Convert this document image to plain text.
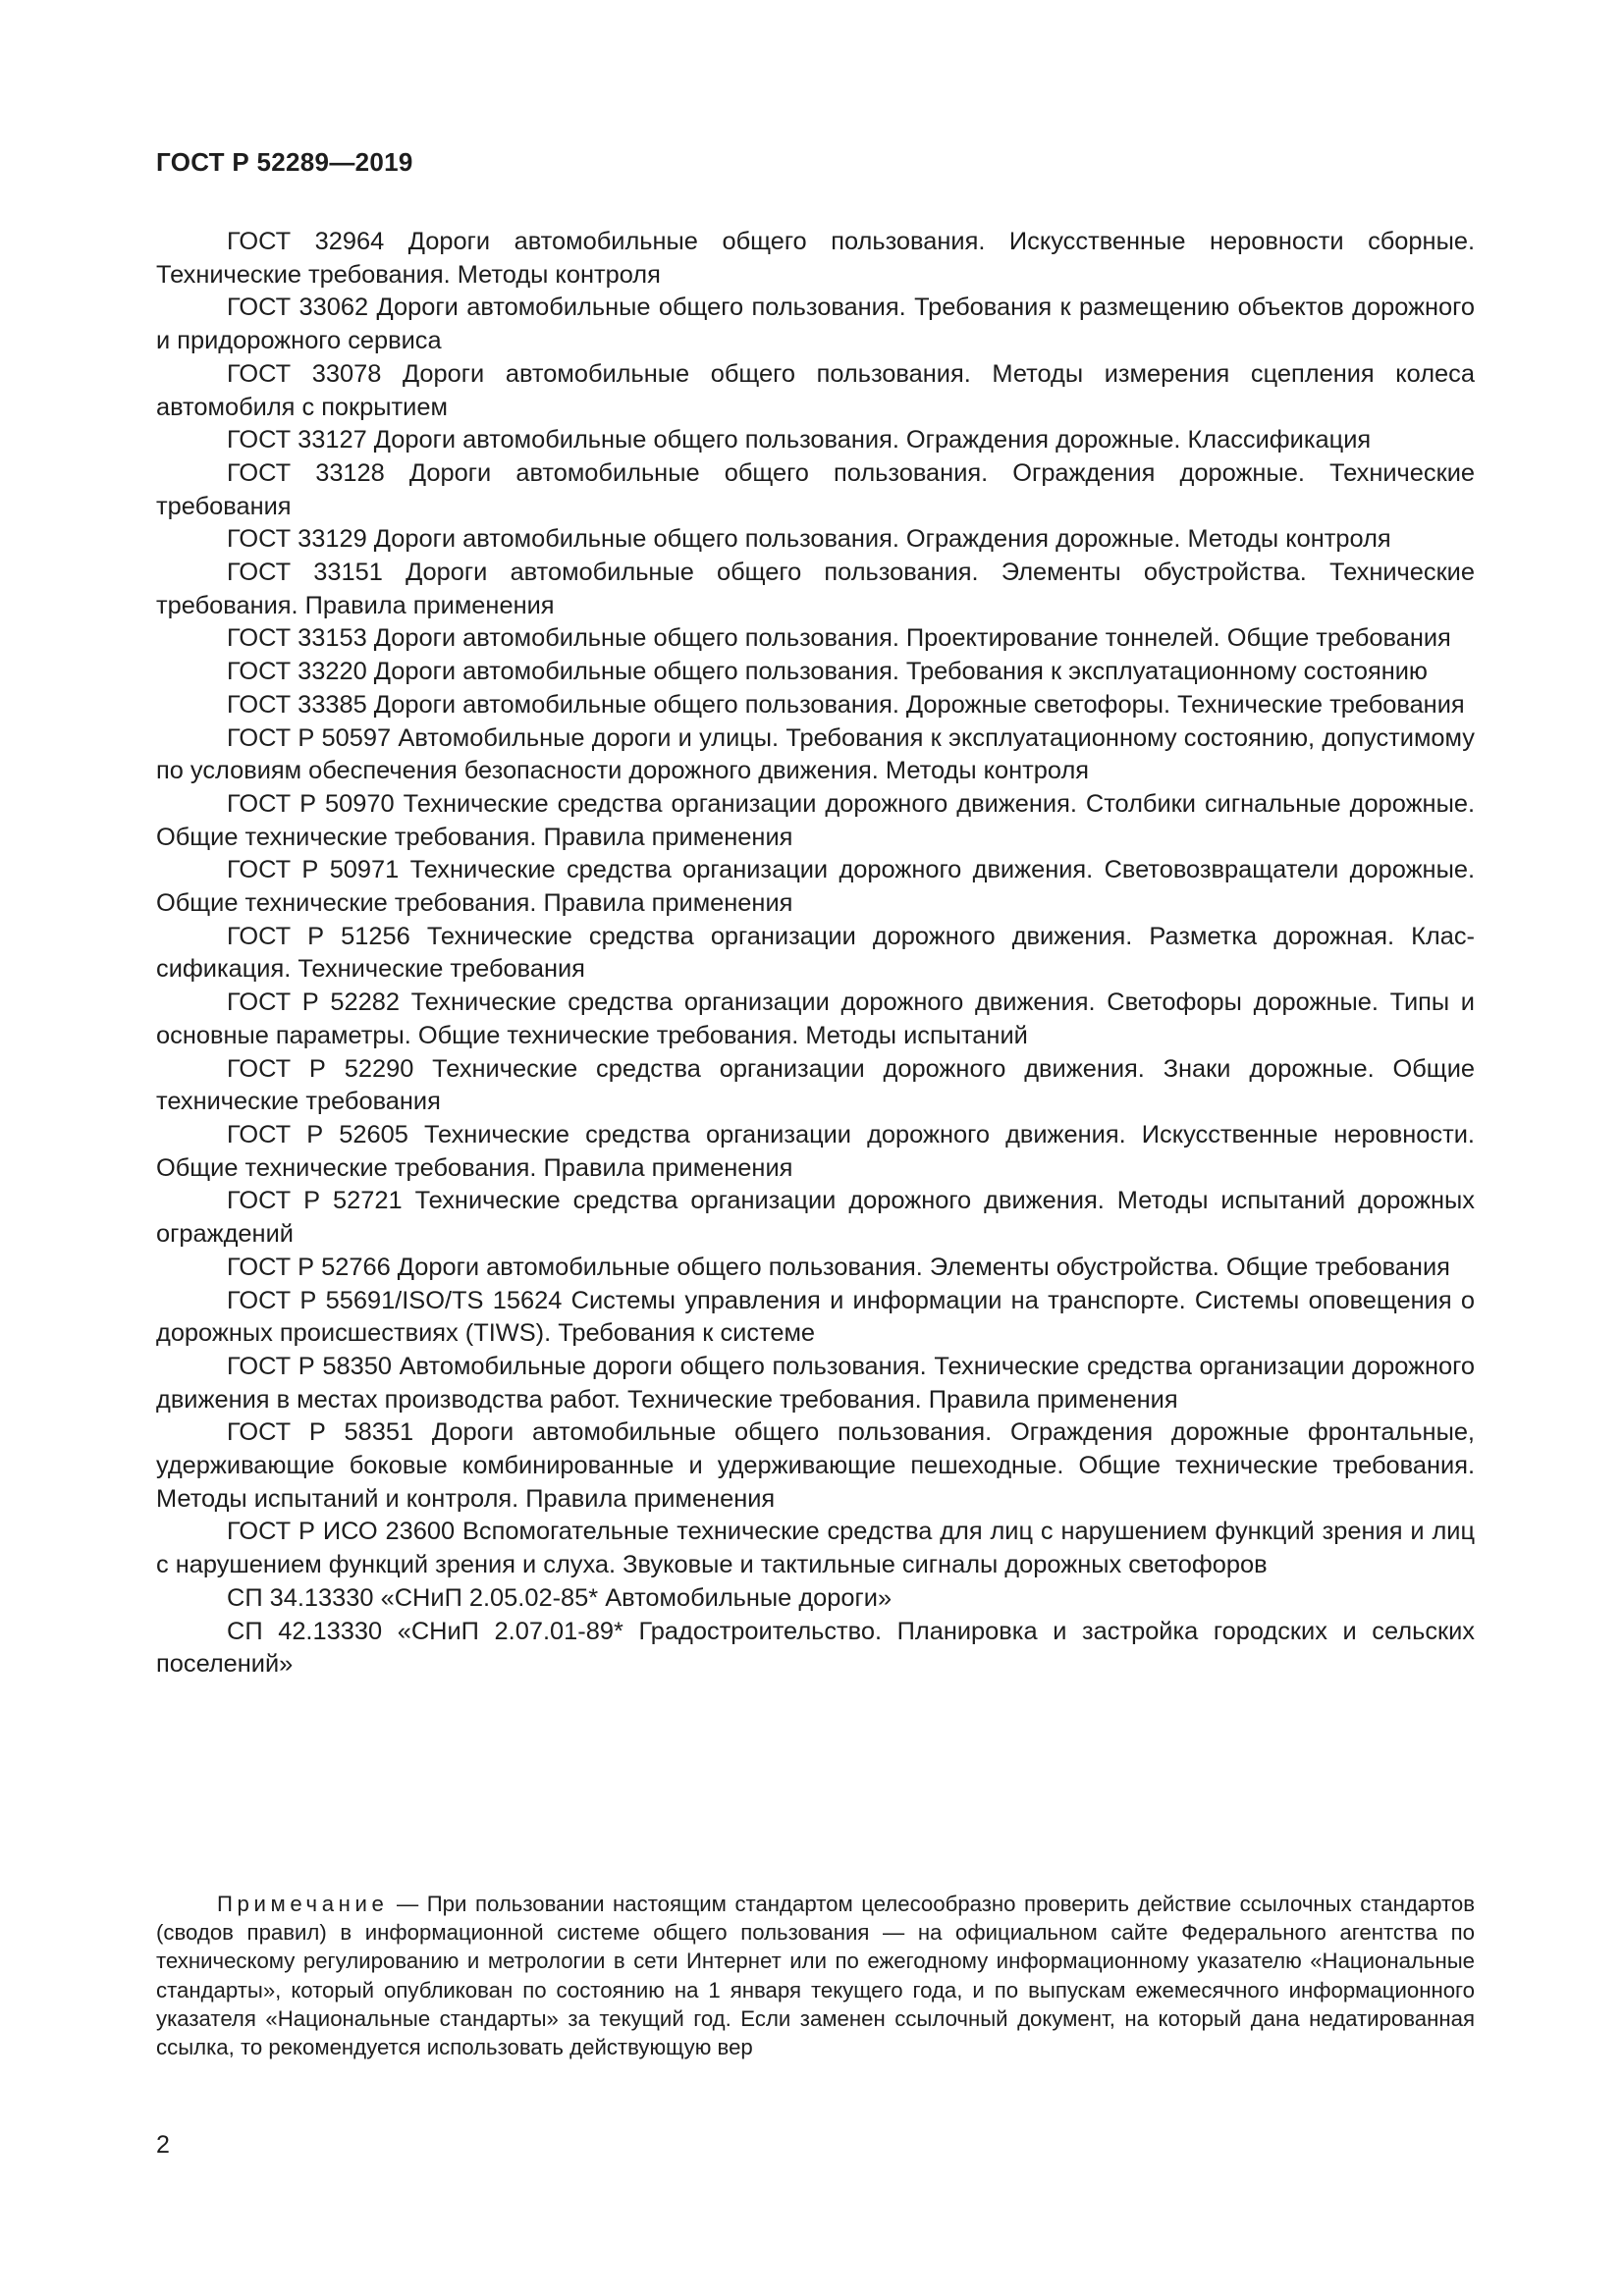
ГОСТ Р 52289—2019

ГОСТ 32964 Дороги автомобильные общего пользования. Искусственные неровности сборные. Технические требования. Методы контроля

ГОСТ 33062 Дороги автомобильные общего пользования. Требования к размещению объектов дорожного и придорожного сервиса

ГОСТ 33078 Дороги автомобильные общего пользования. Методы измерения сцепления колеса автомобиля с покрытием

ГОСТ 33127 Дороги автомобильные общего пользования. Ограждения дорожные. Классификация

ГОСТ 33128 Дороги автомобильные общего пользования. Ограждения дорожные. Технические требования

ГОСТ 33129 Дороги автомобильные общего пользования. Ограждения дорожные. Методы контроля

ГОСТ 33151 Дороги автомобильные общего пользования. Элементы обустройства. Технические требования. Правила применения

ГОСТ 33153 Дороги автомобильные общего пользования. Проектирование тоннелей. Общие требования

ГОСТ 33220 Дороги автомобильные общего пользования. Требования к эксплуатационному состоянию

ГОСТ 33385 Дороги автомобильные общего пользования. Дорожные светофоры. Технические требования

ГОСТ Р 50597 Автомобильные дороги и улицы. Требования к эксплуатационному состоянию, допустимому по условиям обеспечения безопасности дорожного движения. Методы контроля

ГОСТ Р 50970 Технические средства организации дорожного движения. Столбики сигнальные дорожные. Общие технические требования. Правила применения

ГОСТ Р 50971 Технические средства организации дорожного движения. Световозвращатели дорожные. Общие технические требования. Правила применения

ГОСТ Р 51256 Технические средства организации дорожного движения. Разметка дорожная. Классификация. Технические требования

ГОСТ Р 52282 Технические средства организации дорожного движения. Светофоры дорожные. Типы и основные параметры. Общие технические требования. Методы испытаний

ГОСТ Р 52290 Технические средства организации дорожного движения. Знаки дорожные. Общие технические требования

ГОСТ Р 52605 Технические средства организации дорожного движения. Искусственные неровности. Общие технические требования. Правила применения

ГОСТ Р 52721 Технические средства организации дорожного движения. Методы испытаний дорожных ограждений

ГОСТ Р 52766 Дороги автомобильные общего пользования. Элементы обустройства. Общие требования

ГОСТ Р 55691/ISO/TS 15624 Системы управления и информации на транспорте. Системы оповещения о дорожных происшествиях (TIWS). Требования к системе

ГОСТ Р 58350 Автомобильные дороги общего пользования. Технические средства организации дорожного движения в местах производства работ. Технические требования. Правила применения

ГОСТ Р 58351 Дороги автомобильные общего пользования. Ограждения дорожные фронтальные, удерживающие боковые комбинированные и удерживающие пешеходные. Общие технические требования. Методы испытаний и контроля. Правила применения

ГОСТ Р ИСО 23600 Вспомогательные технические средства для лиц с нарушением функций зрения и лиц с нарушением функций зрения и слуха. Звуковые и тактильные сигналы дорожных светофоров

СП 34.13330 «СНиП 2.05.02-85* Автомобильные дороги»

СП 42.13330 «СНиП 2.07.01-89* Градостроительство. Планировка и застройка городских и сельских поселений»

Примечание — При пользовании настоящим стандартом целесообразно проверить действие ссылочных стандартов (сводов правил) в информационной системе общего пользования — на официальном сайте Федерального агентства по техническому регулированию и метрологии в сети Интернет или по ежегодному информационному указателю «Национальные стандарты», который опубликован по состоянию на 1 января текущего года, и по выпускам ежемесячного информационного указателя «Национальные стандарты» за текущий год. Если заменен ссылочный документ, на который дана недатированная ссылка, то рекомендуется использовать действующую вер

2
